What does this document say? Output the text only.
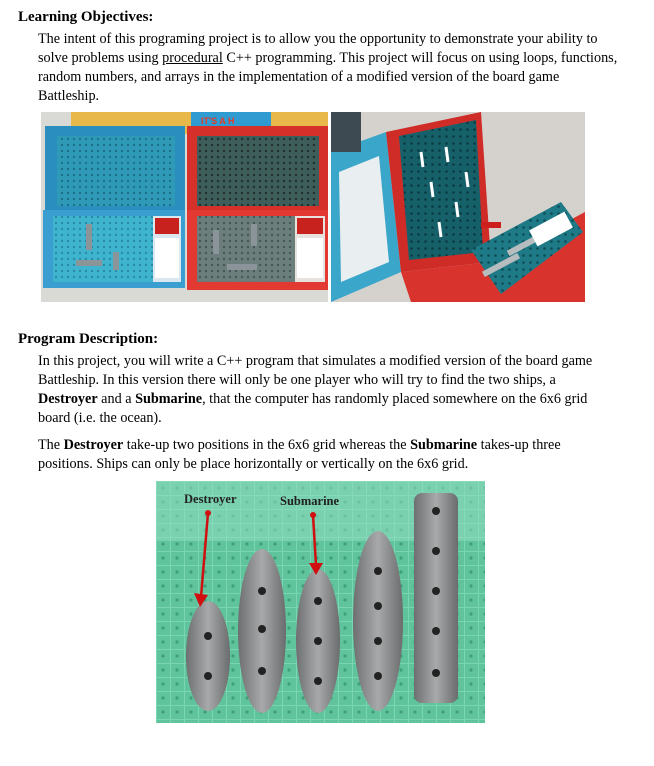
Learning Objectives:
The intent of this programing project is to allow you the opportunity to demonstrate your ability to solve problems using procedural C++ programming. This project will focus on using loops, functions, random numbers, and arrays in the implementation of a modified version of the board game Battleship.
IT'S A H
Program Description:
In this project, you will write a C++ program that simulates a modified version of the board game Battleship. In this version there will only be one player who will try to find the two ships, a Destroyer and a Submarine, that the computer has randomly placed somewhere on the 6x6 grid board (i.e. the ocean).
The Destroyer take-up two positions in the 6x6 grid whereas the Submarine takes-up three positions. Ships can only be place horizontally or vertically on the 6x6 grid.
Destroyer	Submarine
